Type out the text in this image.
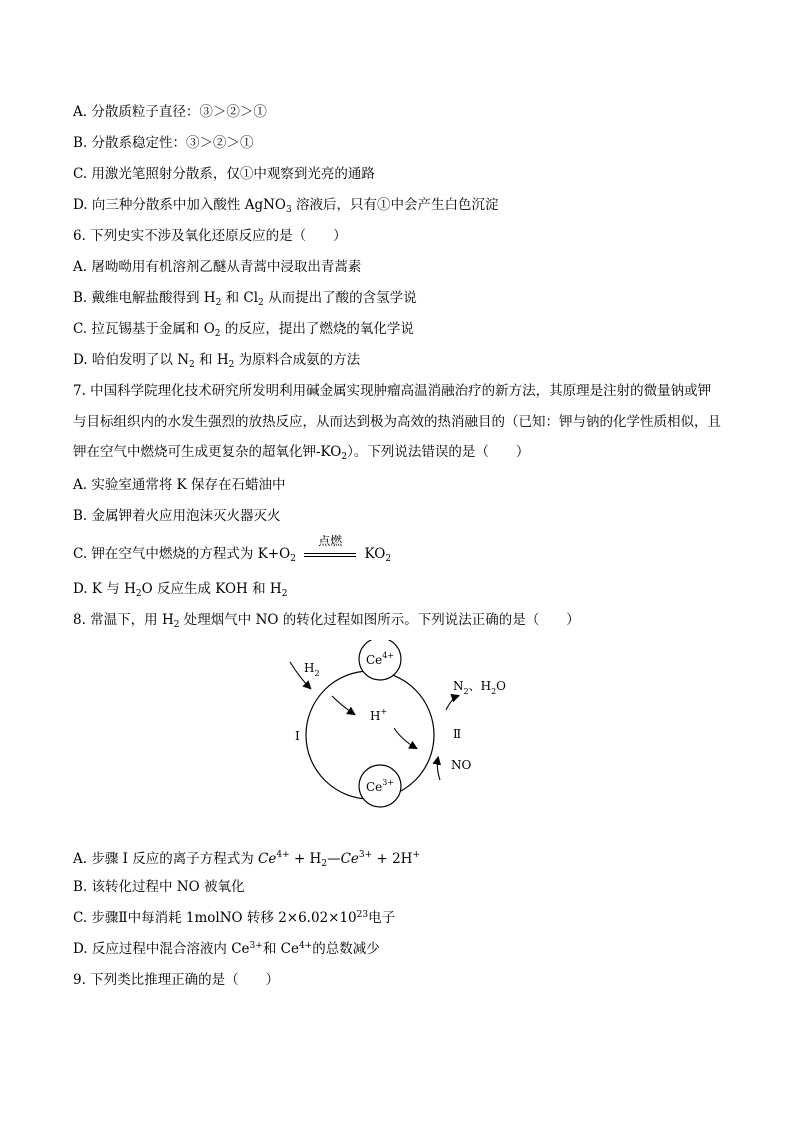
A. 分散质粒子直径：③＞②＞①
B. 分散系稳定性：③＞②＞①
C. 用激光笔照射分散系，仅①中观察到光亮的通路
D. 向三种分散系中加入酸性 AgNO$_3$ 溶液后，只有①中会产生白色沉淀
6. 下列史实不涉及氧化还原反应的是（　　）
A. 屠呦呦用有机溶剂乙醚从青蒿中浸取出青蒿素
B. 戴维电解盐酸得到 $H_2$ 和 $Cl_2$ 从而提出了酸的含氢学说
C. 拉瓦锡基于金属和 $O_2$ 的反应，提出了燃烧的氧化学说
D. 哈伯发明了以 $N_2$ 和 $H_2$ 为原料合成氨的方法
7. 中国科学院理化技术研究所发明利用碱金属实现肿瘤高温消融治疗的新方法，其原理是注射的微量钠或钾与目标组织内的水发生强烈的放热反应，从而达到极为高效的热消融目的（已知：钾与钠的化学性质相似，且钾在空气中燃烧可生成更复杂的超氧化钾$-KO_2$）。下列说法错误的是（　　）
A. 实验室通常将 K 保存在石蜡油中
B. 金属钾着火应用泡沫灭火器灭火
C. 钾在空气中燃烧的方程式为 $K+O_2$
点燃
$KO_2$
D. K 与 $H_2O$ 反应生成 KOH 和 $H_2$
8. 常温下，用 $H_2$ 处理烟气中 NO 的转化过程如图所示。下列说法正确的是（　　）
$Ce^{4+}$
$Ce^{3+}$
$H_2$
H+
$N_2$、$H_2O$
Ⅱ
NO
I
A. 步骤 I 反应的离子方程式为 $Ce^{4+}$ + $H_2—Ce^{3+} + 2H^+$
B. 该转化过程中 NO 被氧化
C. 步骤Ⅱ中每消耗 1molNO 转移 $2\times 6.02\times 10^{23}$电子
D. 反应过程中混合溶液内 $Ce^{3+}$和 $Ce^{4+}$的总数减少
9. 下列类比推理正确的是（　　）
